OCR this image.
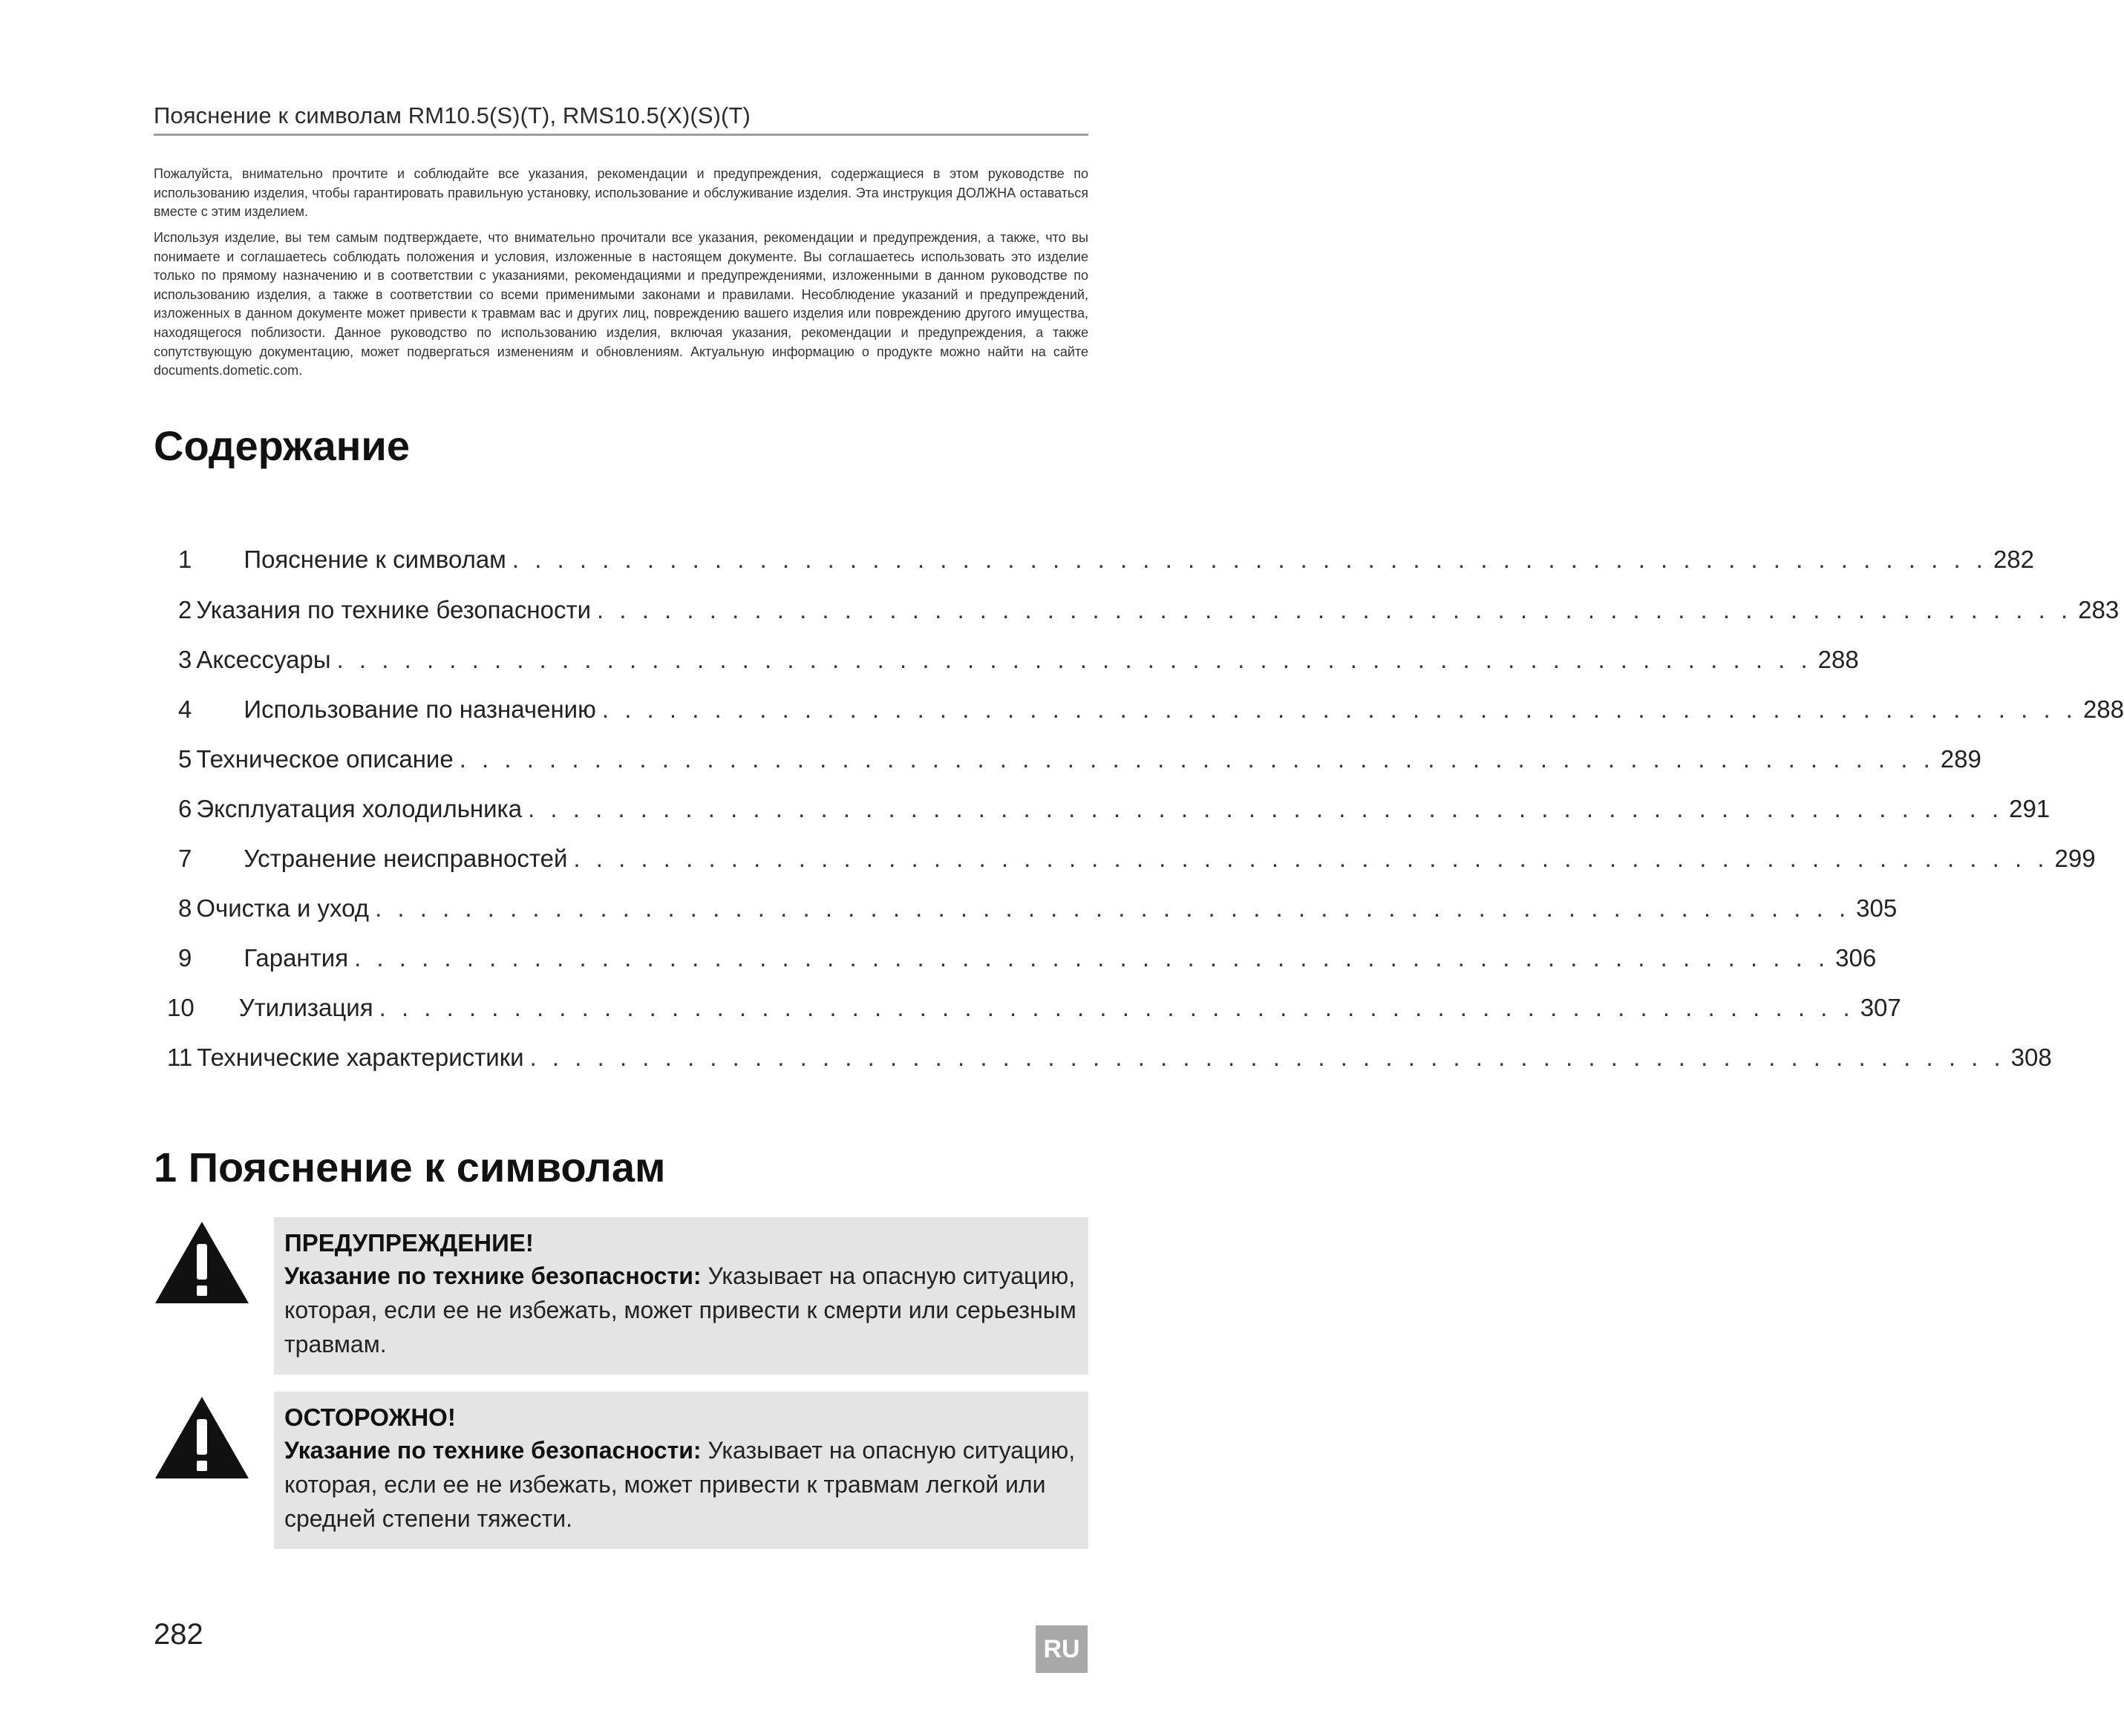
Пояснение к символам RM10.5(S)(T), RMS10.5(X)(S)(T)
Пожалуйста, внимательно прочтите и соблюдайте все указания, рекомендации и предупреждения, содержащиеся в этом руководстве по использованию изделия, чтобы гарантировать правильную установку, использование и обслуживание изделия. Эта инструкция ДОЛЖНА оставаться вместе с этим изделием.
Используя изделие, вы тем самым подтверждаете, что внимательно прочитали все указания, рекомендации и предупреждения, а также, что вы понимаете и соглашаетесь соблюдать положения и условия, изложенные в настоящем документе. Вы соглашаетесь использовать это изделие только по прямому назначению и в соответствии с указаниями, рекомендациями и предупреждениями, изложенными в данном руководстве по использованию изделия, а также в соответствии со всеми применимыми законами и правилами. Несоблюдение указаний и предупреждений, изложенных в данном документе может привести к травмам вас и других лиц, повреждению вашего изделия или повреждению другого имущества, находящегося поблизости. Данное руководство по использованию изделия, включая указания, рекомендации и предупреждения, а также сопутствующую документацию, может подвергаться изменениям и обновлениям. Актуальную информацию о продукте можно найти на сайте documents.dometic.com.
Содержание
1 Пояснение к символам . . . . . . . . . . . . . . . . . . . . . . . . . . . . . . . . . . . . . . . . . . . . . . . . . . . . . . . . . . . . . . . . . . 282
2 Указания по технике безопасности . . . . . . . . . . . . . . . . . . . . . . . . . . . . . . . . . . . . . . . . . . . . . . . . . . . . . . . . . . . . . . . . . . 283
3 Аксессуары . . . . . . . . . . . . . . . . . . . . . . . . . . . . . . . . . . . . . . . . . . . . . . . . . . . . . . . . . . . . . . . . . . 288
4 Использование по назначению . . . . . . . . . . . . . . . . . . . . . . . . . . . . . . . . . . . . . . . . . . . . . . . . . . . . . . . . . . . . . . . . . . 288
5 Техническое описание . . . . . . . . . . . . . . . . . . . . . . . . . . . . . . . . . . . . . . . . . . . . . . . . . . . . . . . . . . . . . . . . . . 289
6 Эксплуатация холодильника . . . . . . . . . . . . . . . . . . . . . . . . . . . . . . . . . . . . . . . . . . . . . . . . . . . . . . . . . . . . . . . . . . 291
7 Устранение неисправностей . . . . . . . . . . . . . . . . . . . . . . . . . . . . . . . . . . . . . . . . . . . . . . . . . . . . . . . . . . . . . . . . . . 299
8 Очистка и уход . . . . . . . . . . . . . . . . . . . . . . . . . . . . . . . . . . . . . . . . . . . . . . . . . . . . . . . . . . . . . . . . . . 305
9 Гарантия . . . . . . . . . . . . . . . . . . . . . . . . . . . . . . . . . . . . . . . . . . . . . . . . . . . . . . . . . . . . . . . . . . 306
10 Утилизация . . . . . . . . . . . . . . . . . . . . . . . . . . . . . . . . . . . . . . . . . . . . . . . . . . . . . . . . . . . . . . . . . . 307
11 Технические характеристики . . . . . . . . . . . . . . . . . . . . . . . . . . . . . . . . . . . . . . . . . . . . . . . . . . . . . . . . . . . . . . . . . . 308
1 Пояснение к символам
ПРЕДУПРЕЖДЕНИЕ!
Указание по технике безопасности: Указывает на опасную ситуацию, которая, если ее не избежать, может привести к смерти или серьезным травмам.
ОСТОРОЖНО!
Указание по технике безопасности: Указывает на опасную ситуацию, которая, если ее не избежать, может привести к травмам легкой или средней степени тяжести.
282	RU
